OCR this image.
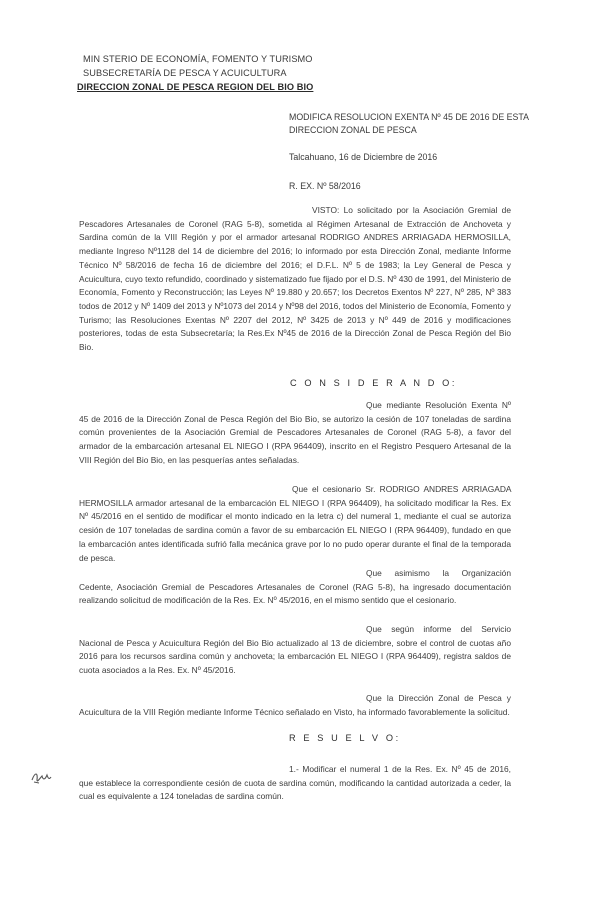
MIN STERIO DE ECONOMÍA, FOMENTO Y TURISMO
SUBSECRETARÍA DE PESCA Y ACUICULTURA
DIRECCION ZONAL DE PESCA REGION DEL BIO BIO
MODIFICA RESOLUCION EXENTA Nº 45 DE 2016 DE ESTA
DIRECCION ZONAL DE PESCA
Talcahuano, 16 de Diciembre de 2016
R. EX. Nº 58/2016
VISTO: Lo solicitado por la Asociación Gremial de Pescadores Artesanales de Coronel (RAG 5-8), sometida al Régimen Artesanal de Extracción de Anchoveta y Sardina común de la VIII Región y por el armador artesanal RODRIGO ANDRES ARRIAGADA HERMOSILLA, mediante Ingreso Nº1128 del 14 de diciembre del 2016; lo informado por esta Dirección Zonal, mediante Informe Técnico Nº 58/2016 de fecha 16 de diciembre del 2016; el D.F.L. Nº 5 de 1983; la Ley General de Pesca y Acuicultura, cuyo texto refundido, coordinado y sistematizado fue fijado por el D.S. Nº 430 de 1991, del Ministerio de Economía, Fomento y Reconstrucción; las Leyes Nº 19.880 y 20.657; los Decretos Exentos Nº 227, Nº 285, Nº 383 todos de 2012 y Nº 1409 del 2013 y Nº1073 del 2014 y Nº98 del 2016, todos del Ministerio de Economía, Fomento y Turismo; las Resoluciones Exentas Nº 2207 del 2012, Nº 3425 de 2013 y Nº 449 de 2016 y modificaciones posteriores, todas de esta Subsecretaría; la Res.Ex Nº45 de 2016 de la Dirección Zonal de Pesca Región del Bio Bio.
C O N S I D E R A N D O:
Que mediante Resolución Exenta Nº 45 de 2016 de la Dirección Zonal de Pesca Región del Bio Bio, se autorizo la cesión de 107 toneladas de sardina común provenientes de la Asociación Gremial de Pescadores Artesanales de Coronel (RAG 5-8), a favor del armador de la embarcación artesanal EL NIEGO I (RPA 964409), inscrito en el Registro Pesquero Artesanal de la VIII Región del Bio Bio, en las pesquerías antes señaladas.
Que el cesionario Sr. RODRIGO ANDRES ARRIAGADA HERMOSILLA armador artesanal de la embarcación EL NIEGO I (RPA 964409), ha solicitado modificar la Res. Ex Nº 45/2016 en el sentido de modificar el monto indicado en la letra c) del numeral 1, mediante el cual se autoriza cesión de 107 toneladas de sardina común a favor de su embarcación EL NIEGO I (RPA 964409), fundado en que la embarcación antes identificada sufrió falla mecánica grave por lo no pudo operar durante el final de la temporada de pesca.
Que asimismo la Organización Cedente, Asociación Gremial de Pescadores Artesanales de Coronel (RAG 5-8), ha ingresado documentación realizando solicitud de modificación de la Res. Ex. Nº 45/2016, en el mismo sentido que el cesionario.
Que según informe del Servicio Nacional de Pesca y Acuicultura Región del Bio Bio actualizado al 13 de diciembre, sobre el control de cuotas año 2016 para los recursos sardina común y anchoveta; la embarcación EL NIEGO I (RPA 964409), registra saldos de cuota asociados a la Res. Ex. Nº 45/2016.
Que la Dirección Zonal de Pesca y Acuicultura de la VIII Región mediante Informe Técnico señalado en Visto, ha informado favorablemente la solicitud.
R E S U E L V O:
1.- Modificar el numeral 1 de la Res. Ex. Nº 45 de 2016, que establece la correspondiente cesión de cuota de sardina común, modificando la cantidad autorizada a ceder, la cual es equivalente a 124 toneladas de sardina común.
